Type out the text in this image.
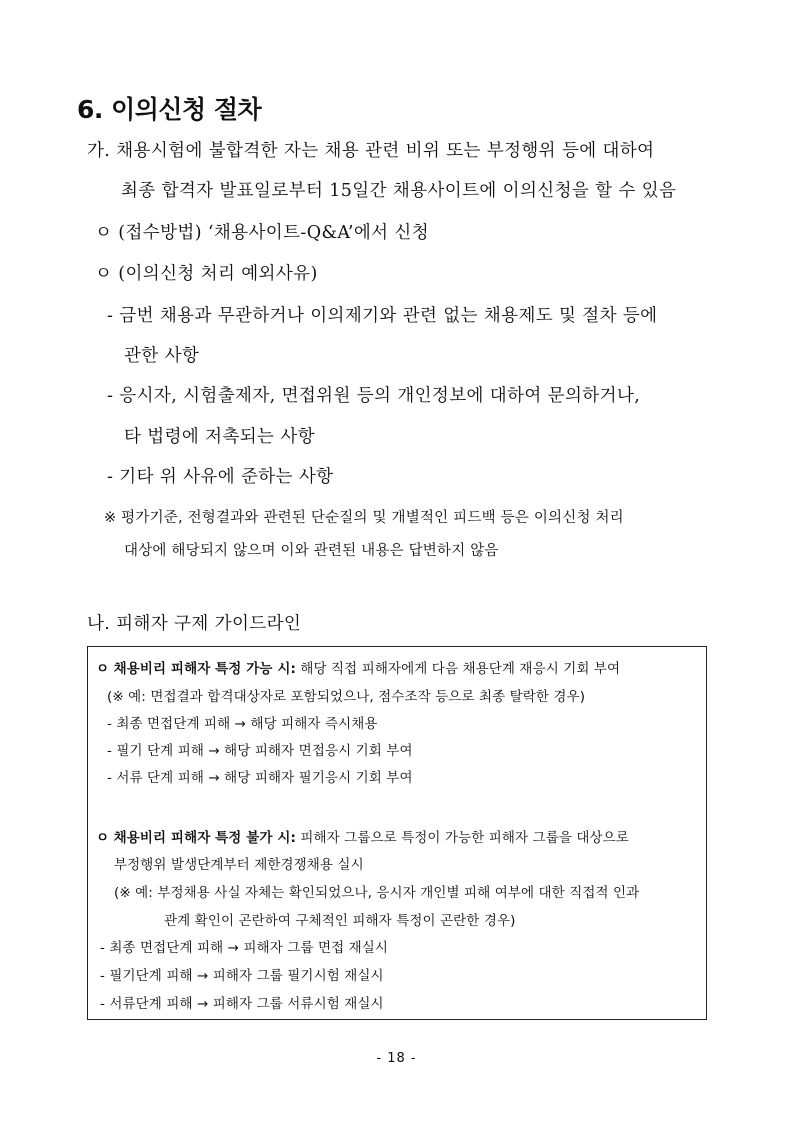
6. 이의신청 절차
가. 채용시험에 불합격한 자는 채용 관련 비위 또는 부정행위 등에 대하여
최종 합격자 발표일로부터 15일간 채용사이트에 이의신청을 할 수 있음
ㅇ (접수방법) ‘채용사이트-Q&A’에서 신청
ㅇ (이의신청 처리 예외사유)
- 금번 채용과 무관하거나 이의제기와 관련 없는 채용제도 및 절차 등에
관한 사항
- 응시자, 시험출제자, 면접위원 등의 개인정보에 대하여 문의하거나,
타 법령에 저촉되는 사항
- 기타 위 사유에 준하는 사항
※ 평가기준, 전형결과와 관련된 단순질의 및 개별적인 피드백 등은 이의신청 처리
대상에 해당되지 않으며 이와 관련된 내용은 답변하지 않음
나. 피해자 구제 가이드라인
ㅇ 채용비리 피해자 특정 가능 시: 해당 직접 피해자에게 다음 채용단계 재응시 기회 부여
(※ 예: 면접결과 합격대상자로 포함되었으나, 점수조작 등으로 최종 탈락한 경우)
- 최종 면접단계 피해 → 해당 피해자 즉시채용
- 필기 단계 피해 → 해당 피해자 면접응시 기회 부여
- 서류 단계 피해 → 해당 피해자 필기응시 기회 부여
ㅇ 채용비리 피해자 특정 불가 시: 피해자 그룹으로 특정이 가능한 피해자 그룹을 대상으로
부정행위 발생단계부터 제한경쟁채용 실시
(※ 예: 부정채용 사실 자체는 확인되었으나, 응시자 개인별 피해 여부에 대한 직접적 인과
관계 확인이 곤란하여 구체적인 피해자 특정이 곤란한 경우)
- 최종 면접단계 피해 → 피해자 그룹 면접 재실시
- 필기단계 피해 → 피해자 그룹 필기시험 재실시
- 서류단계 피해 → 피해자 그룹 서류시험 재실시
- 18 -
